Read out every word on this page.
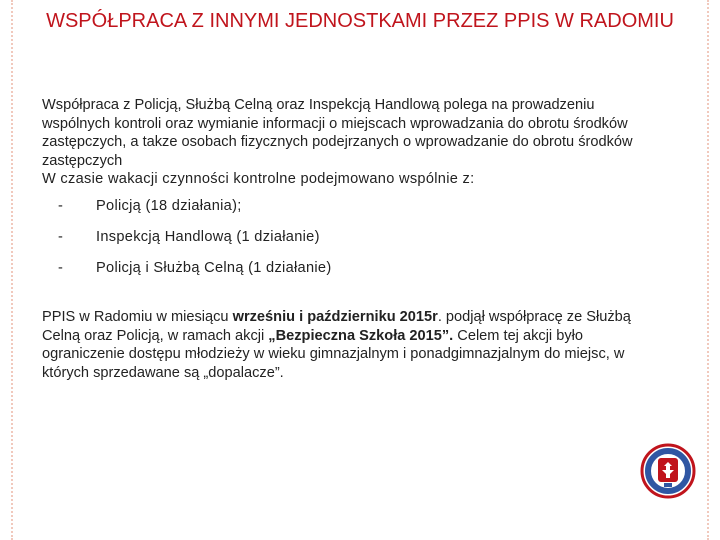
WSPÓŁPRACA Z INNYMI JEDNOSTKAMI PRZEZ PPIS W RADOMIU

Współpraca z Policją, Służbą Celną oraz Inspekcją Handlową polega na prowadzeniu wspólnych kontroli oraz wymianie informacji o miejscach wprowadzania do obrotu środków zastępczych, a takze osobach fizycznych podejrzanych o wprowadzanie do obrotu środków zastępczych

W czasie wakacji czynności kontrolne podejmowano wspólnie z:

-	Policją (18 działania);
-	Inspekcją Handlową (1 działanie)
-	Policją i Służbą Celną (1 działanie)

PPIS w Radomiu w miesiącu wrześniu i październiku 2015r. podjął współpracę ze Służbą Celną oraz Policją, w ramach akcji „Bezpieczna Szkoła 2015”. Celem tej akcji było ograniczenie dostępu młodzieży w wieku gimnazjalnym i ponadgimnazjalnym do miejsc, w których sprzedawane są „dopalacze”.
